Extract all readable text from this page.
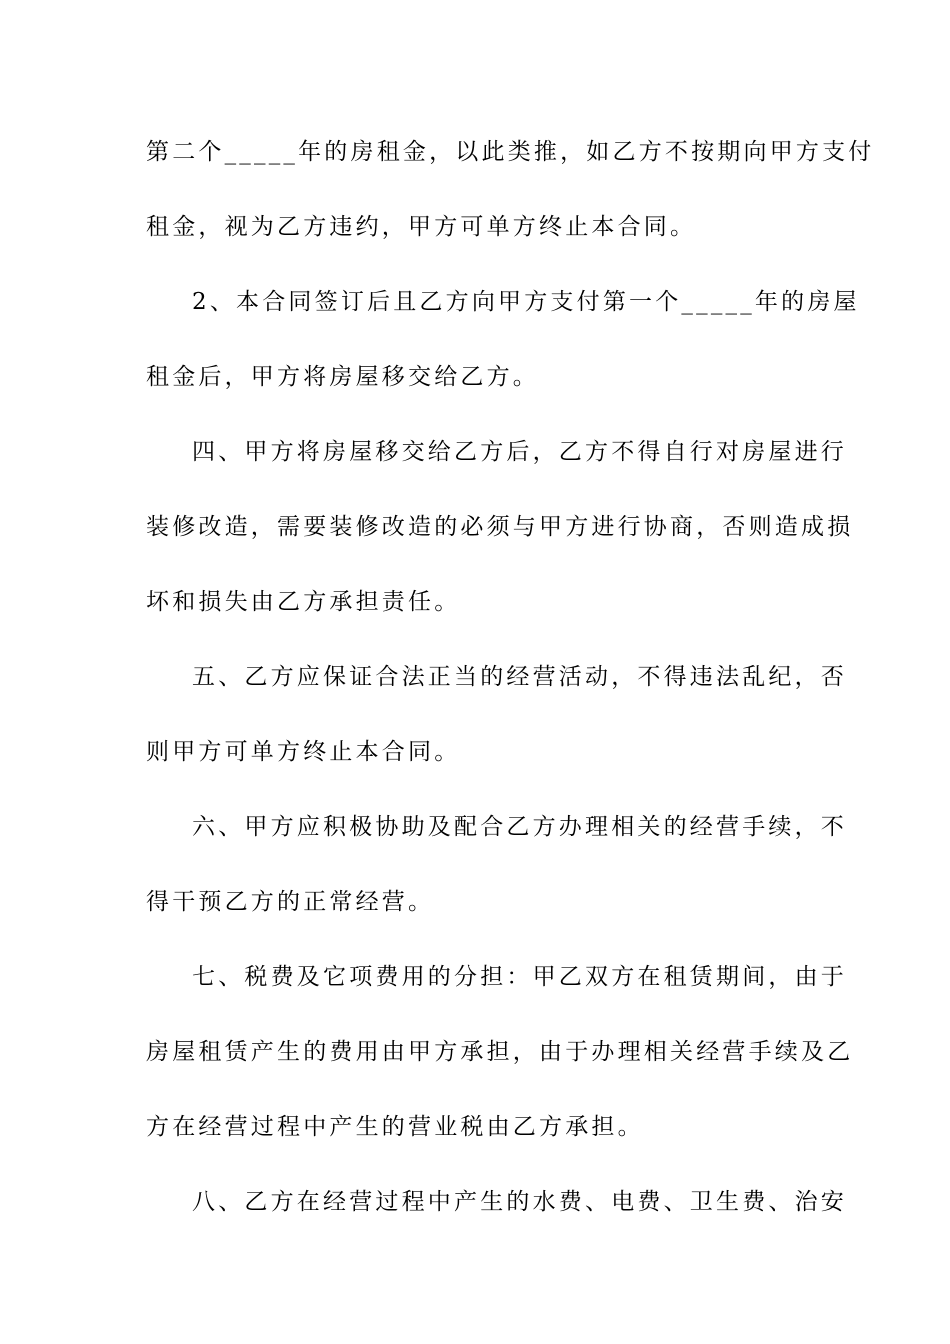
第二个_____年的房租金，以此类推，如乙方不按期向甲方支付
租金，视为乙方违约，甲方可单方终止本合同。
2、本合同签订后且乙方向甲方支付第一个_____年的房屋
租金后，甲方将房屋移交给乙方。
四、甲方将房屋移交给乙方后，乙方不得自行对房屋进行
装修改造，需要装修改造的必须与甲方进行协商，否则造成损
坏和损失由乙方承担责任。
五、乙方应保证合法正当的经营活动，不得违法乱纪，否
则甲方可单方终止本合同。
六、甲方应积极协助及配合乙方办理相关的经营手续，不
得干预乙方的正常经营。
七、税费及它项费用的分担：甲乙双方在租赁期间，由于
房屋租赁产生的费用由甲方承担，由于办理相关经营手续及乙
方在经营过程中产生的营业税由乙方承担。
八、乙方在经营过程中产生的水费、电费、卫生费、治安
